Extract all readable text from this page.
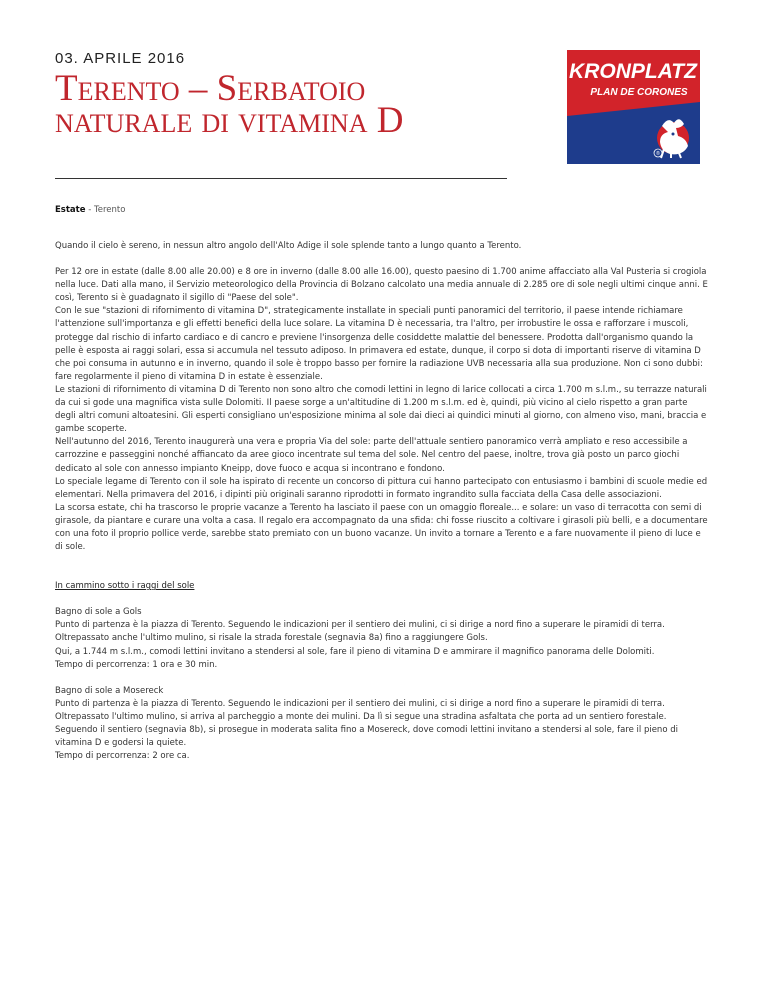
03. APRILE 2016
Terento – Serbatoio naturale di vitamina D
®
KRONPLATZ
PLAN DE CORONES
Estate - Terento

Quando il cielo è sereno, in nessun altro angolo dell'Alto Adige il sole splende tanto a lungo quanto a Terento.

Per 12 ore in estate (dalle 8.00 alle 20.00) e 8 ore in inverno (dalle 8.00 alle 16.00), questo paesino di 1.700 anime affacciato alla Val Pusteria si crogiola nella luce. Dati alla mano, il Servizio meteorologico della Provincia di Bolzano calcolato una media annuale di 2.285 ore di sole negli ultimi cinque anni. E così, Terento si è guadagnato il sigillo di "Paese del sole".

Con le sue "stazioni di rifornimento di vitamina D", strategicamente installate in speciali punti panoramici del territorio, il paese intende richiamare l'attenzione sull'importanza e gli effetti benefici della luce solare. La vitamina D è necessaria, tra l'altro, per irrobustire le ossa e rafforzare i muscoli, protegge dal rischio di infarto cardiaco e di cancro e previene l'insorgenza delle cosiddette malattie del benessere. Prodotta dall'organismo quando la pelle è esposta ai raggi solari, essa si accumula nel tessuto adiposo. In primavera ed estate, dunque, il corpo si dota di importanti riserve di vitamina D che poi consuma in autunno e in inverno, quando il sole è troppo basso per fornire la radiazione UVB necessaria alla sua produzione. Non ci sono dubbi: fare regolarmente il pieno di vitamina D in estate è essenziale.

Le stazioni di rifornimento di vitamina D di Terento non sono altro che comodi lettini in legno di larice collocati a circa 1.700 m s.l.m., su terrazze naturali da cui si gode una magnifica vista sulle Dolomiti. Il paese sorge a un'altitudine di 1.200 m s.l.m. ed è, quindi, più vicino al cielo rispetto a gran parte degli altri comuni altoatesini. Gli esperti consigliano un'esposizione minima al sole dai dieci ai quindici minuti al giorno, con almeno viso, mani, braccia e gambe scoperte.

Nell'autunno del 2016, Terento inaugurerà una vera e propria Via del sole: parte dell'attuale sentiero panoramico verrà ampliato e reso accessibile a carrozzine e passeggini nonché affiancato da aree gioco incentrate sul tema del sole. Nel centro del paese, inoltre, trova già posto un parco giochi dedicato al sole con annesso impianto Kneipp, dove fuoco e acqua si incontrano e fondono.

Lo speciale legame di Terento con il sole ha ispirato di recente un concorso di pittura cui hanno partecipato con entusiasmo i bambini di scuole medie ed elementari. Nella primavera del 2016, i dipinti più originali saranno riprodotti in formato ingrandito sulla facciata della Casa delle associazioni.

La scorsa estate, chi ha trascorso le proprie vacanze a Terento ha lasciato il paese con un omaggio floreale... e solare: un vaso di terracotta con semi di girasole, da piantare e curare una volta a casa. Il regalo era accompagnato da una sfida: chi fosse riuscito a coltivare i girasoli più belli, e a documentare con una foto il proprio pollice verde, sarebbe stato premiato con un buono vacanze. Un invito a tornare a Terento e a fare nuovamente il pieno di luce e di sole.

In cammino sotto i raggi del sole

Bagno di sole a Gols

Punto di partenza è la piazza di Terento. Seguendo le indicazioni per il sentiero dei mulini, ci si dirige a nord fino a superare le piramidi di terra.

Oltrepassato anche l'ultimo mulino, si risale la strada forestale (segnavia 8a) fino a raggiungere Gols.

Qui, a 1.744 m s.l.m., comodi lettini invitano a stendersi al sole, fare il pieno di vitamina D e ammirare il magnifico panorama delle Dolomiti.

Tempo di percorrenza: 1 ora e 30 min.

Bagno di sole a Mosereck

Punto di partenza è la piazza di Terento. Seguendo le indicazioni per il sentiero dei mulini, ci si dirige a nord fino a superare le piramidi di terra.

Oltrepassato l'ultimo mulino, si arriva al parcheggio a monte dei mulini. Da lì si segue una stradina asfaltata che porta ad un sentiero forestale.

Seguendo il sentiero (segnavia 8b), si prosegue in moderata salita fino a Mosereck, dove comodi lettini invitano a stendersi al sole, fare il pieno di vitamina D e godersi la quiete.

Tempo di percorrenza: 2 ore ca.
